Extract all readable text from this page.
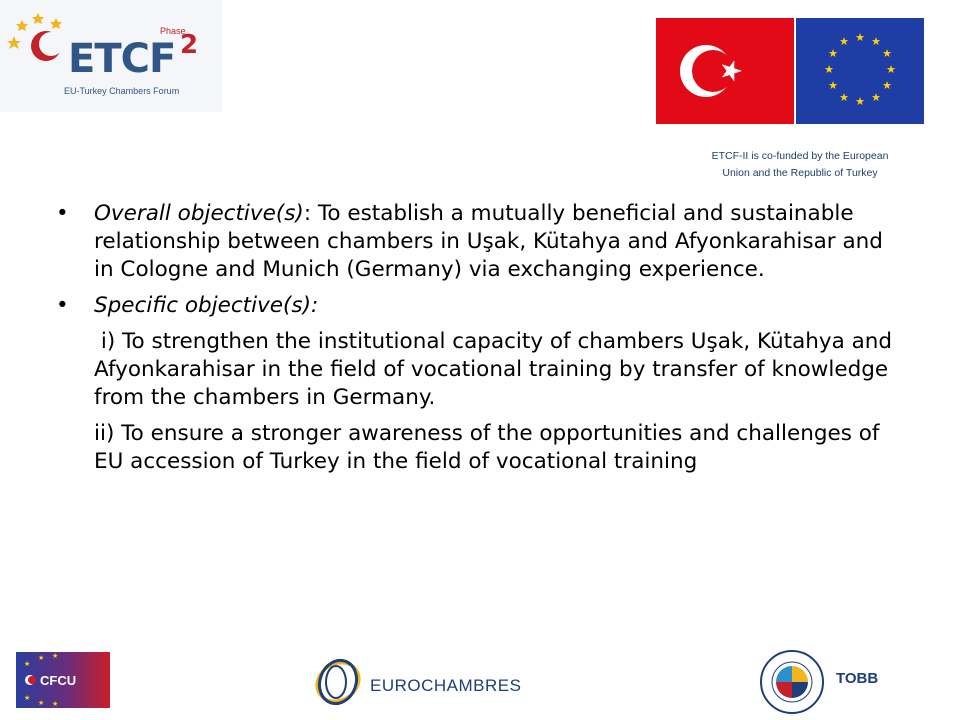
ETCF
Phase
2
EU-Turkey Chambers Forum
★ ★
★
★
★
★
★
★
★
★
★
★
ETCF-II is co-funded by the European Union and the Republic of Turkey

• Overall objective(s): To establish a mutually beneficial and sustainable relationship between chambers in Uşak, Kütahya and Afyonkarahisar and in Cologne and Munich (Germany) via exchanging experience.

• Specific objective(s):

i) To strengthen the institutional capacity of chambers Uşak, Kütahya and Afyonkarahisar in the field of vocational training by transfer of knowledge from the chambers in Germany.

ii) To ensure a stronger awareness of the opportunities and challenges of EU accession of Turkey in the field of vocational training

★
★ ★
★
★ ★
CFCU	EUROCHAMBRES	TOBB
